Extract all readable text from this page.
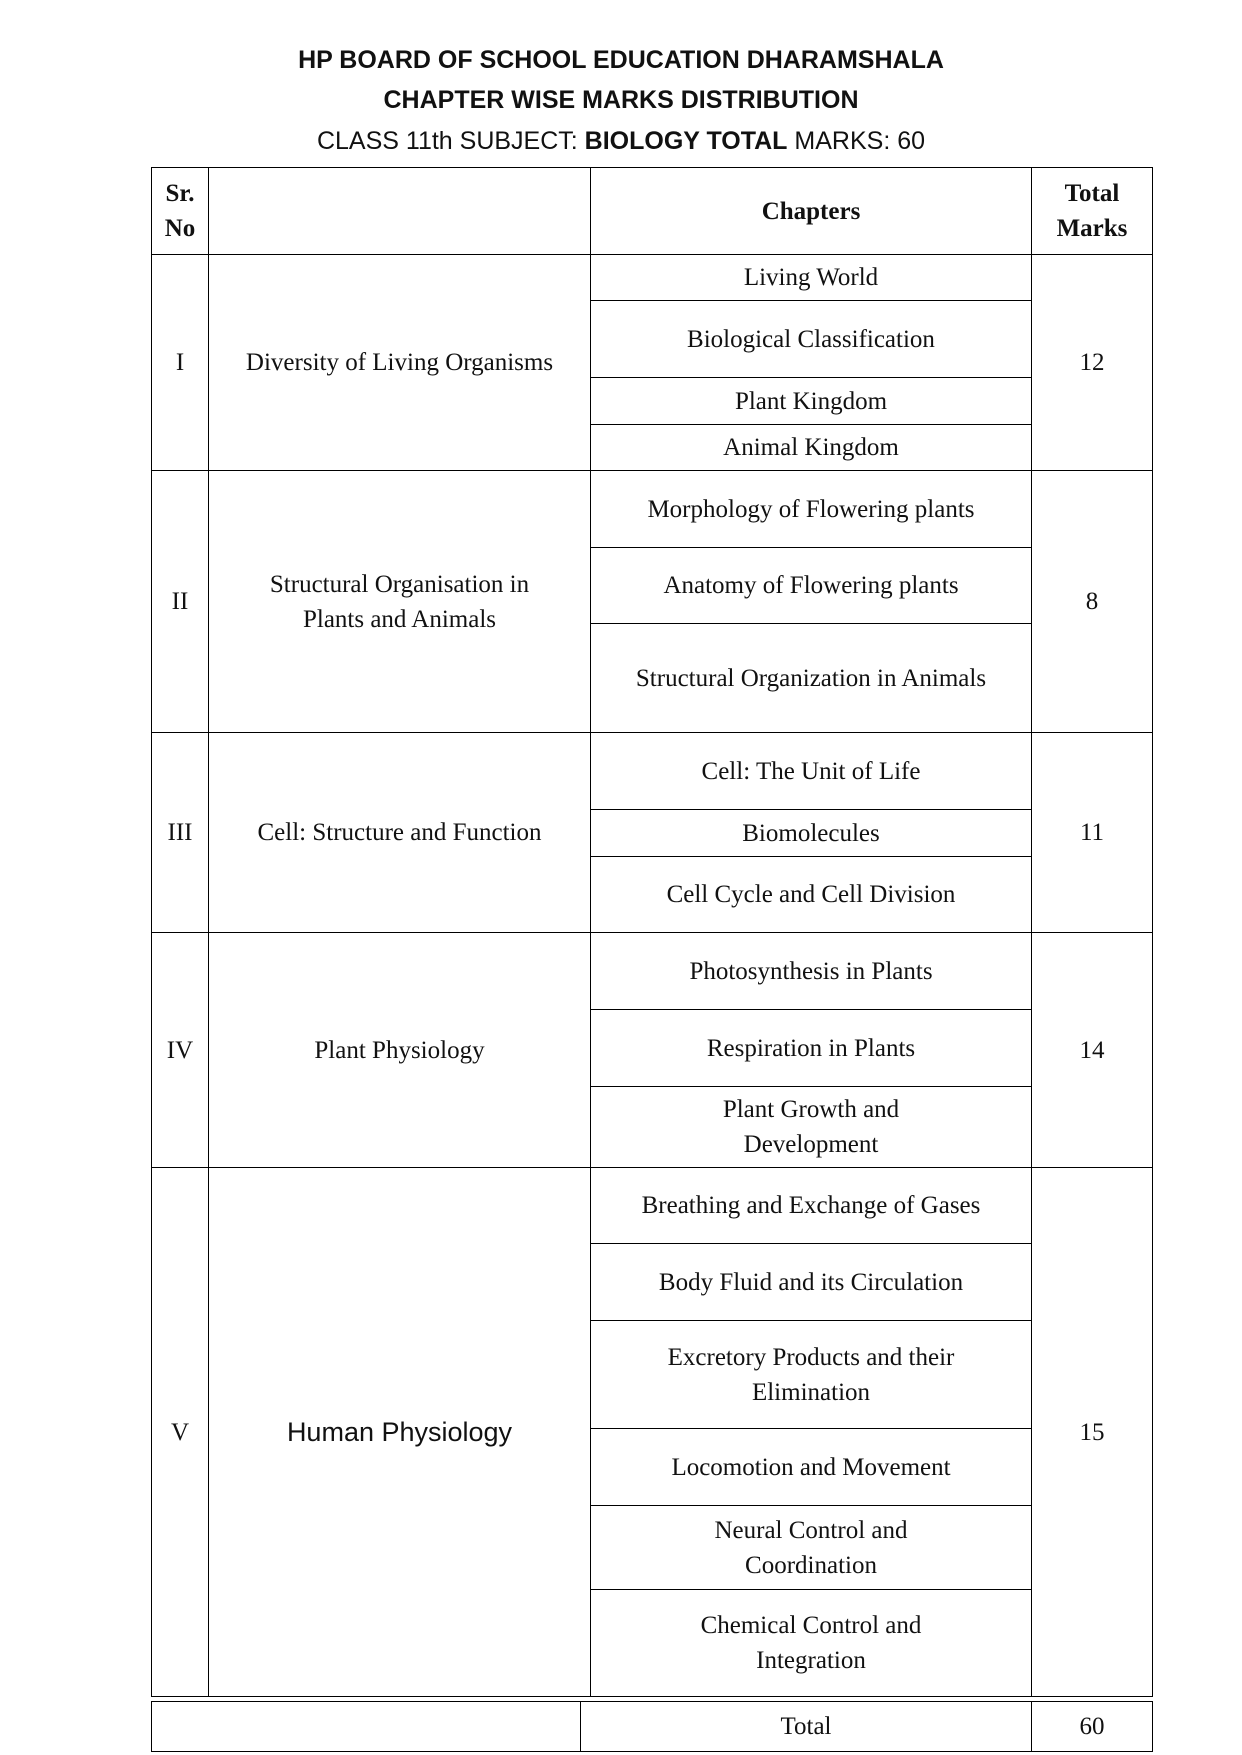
HP BOARD OF SCHOOL EDUCATION DHARAMSHALA
CHAPTER WISE MARKS DISTRIBUTION
CLASS 11th SUBJECT: BIOLOGY TOTAL MARKS: 60
Sr. No		Chapters	Total Marks
I	Diversity of Living Organisms	Living World	12
		Biological Classification	
		Plant Kingdom	
		Animal Kingdom	
II	Structural Organisation in Plants and Animals	Morphology of Flowering plants	8
		Anatomy of Flowering plants	
		Structural Organization in Animals	
III	Cell: Structure and Function	Cell: The Unit of Life	11
		Biomolecules	
		Cell Cycle and Cell Division	
IV	Plant Physiology	Photosynthesis in Plants	14
		Respiration in Plants	
		Plant Growth and Development	
V	Human Physiology	Breathing and Exchange of Gases	15
		Body Fluid and its Circulation	
		Excretory Products and their Elimination	
		Locomotion and Movement	
		Neural Control and Coordination	
		Chemical Control and Integration	
	Total	60
